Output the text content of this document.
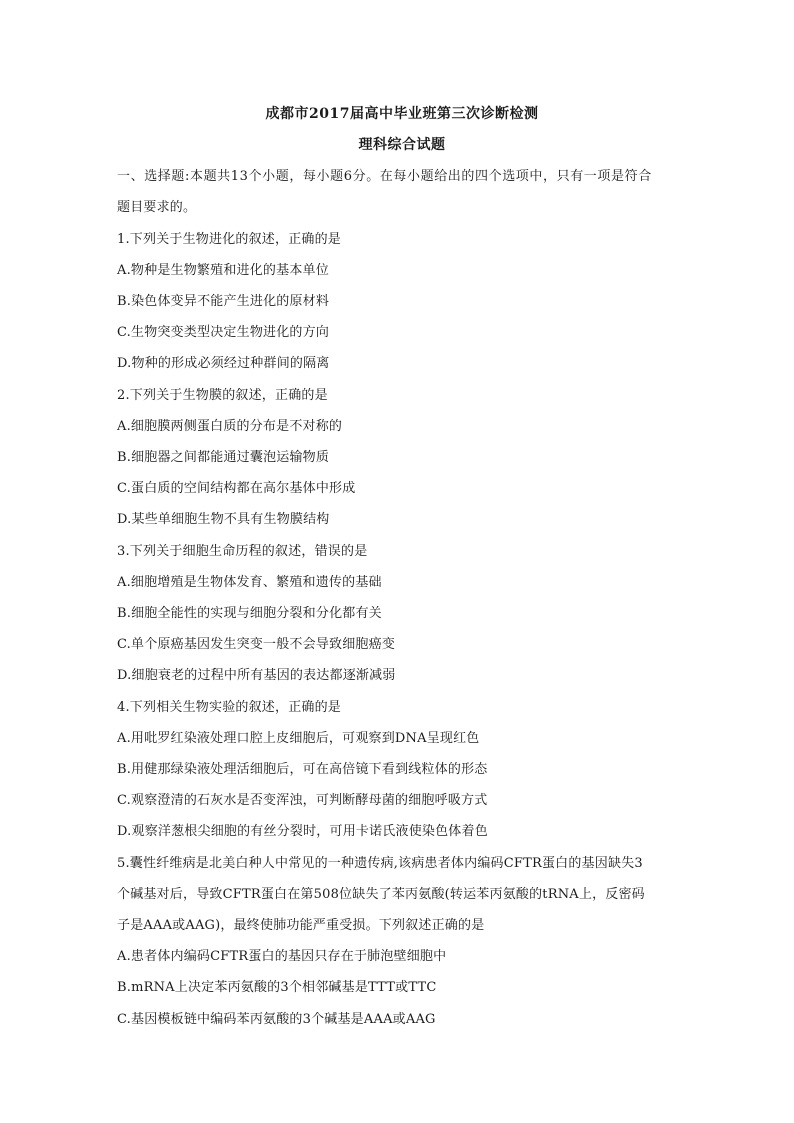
成都市2017届高中毕业班第三次诊断检测
理科综合试题
一、选择题:本题共13个小题，每小题6分。在每小题给出的四个选项中，只有一项是符合
题目要求的。
1.下列关于生物进化的叙述，正确的是
A.物种是生物繁殖和进化的基本单位
B.染色体变异不能产生进化的原材料
C.生物突变类型决定生物进化的方向
D.物种的形成必须经过种群间的隔离
2.下列关于生物膜的叙述，正确的是
A.细胞膜两侧蛋白质的分布是不对称的
B.细胞器之间都能通过囊泡运输物质
C.蛋白质的空间结构都在高尔基体中形成
D.某些单细胞生物不具有生物膜结构
3.下列关于细胞生命历程的叙述，错误的是
A.细胞增殖是生物体发育、繁殖和遗传的基础
B.细胞全能性的实现与细胞分裂和分化都有关
C.单个原癌基因发生突变一般不会导致细胞癌变
D.细胞衰老的过程中所有基因的表达都逐渐减弱
4.下列相关生物实验的叙述，正确的是
A.用吡罗红染液处理口腔上皮细胞后，可观察到DNA呈现红色
B.用健那绿染液处理活细胞后，可在高倍镜下看到线粒体的形态
C.观察澄清的石灰水是否变浑浊，可判断酵母菌的细胞呼吸方式
D.观察洋葱根尖细胞的有丝分裂时，可用卡诺氏液使染色体着色
5.囊性纤维病是北美白种人中常见的一种遗传病,该病患者体内编码CFTR蛋白的基因缺失3
个碱基对后，导致CFTR蛋白在第508位缺失了苯丙氨酸(转运苯丙氨酸的tRNA上，反密码
子是AAA或AAG)，最终使肺功能严重受损。下列叙述正确的是
A.患者体内编码CFTR蛋白的基因只存在于肺泡壁细胞中
B.mRNA上决定苯丙氨酸的3个相邻碱基是TTT或TTC
C.基因模板链中编码苯丙氨酸的3个碱基是AAA或AAG
